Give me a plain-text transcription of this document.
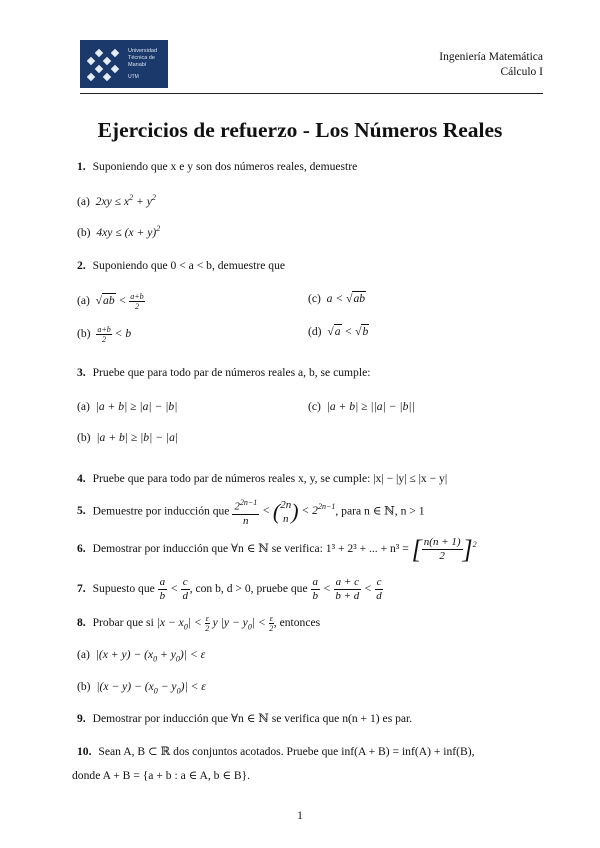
Universidad
Técnica de
Manabí
UTM
Ingeniería Matemática
Cálculo I
Ejercicios de refuerzo - Los Números Reales
1. Suponiendo que x e y son dos números reales, demuestre
(a)  $2xy \le x^2 + y^2$
(b)  $4xy \le (x + y)^2$
2. Suponiendo que 0 < a < b, demuestre que
(a)  $√ab < \frac{a+b}{2}$	(c)  a < √ab
$(b) \frac{a+b}{2} < b$	(d)  √a < √b
3. Pruebe que para todo par de números reales a, b, se cumple:
(a)  |a + b| ≥ |a| − |b|	(c)  |a + b| ≥ ||a| − |b||
(b)  |a + b| ≥ |b| − |a|
4. Pruebe que para todo par de números reales x, y, se cumple: |x| − |y| ≤ |x − y|
5. Demuestre por inducción que $\frac{2^{2n-1}}{n} < (2n$
n ) < $2^{2n-1}$, para n ∈ ℕ, n > 1
6. Demostrar por inducción que ∀n ∈ ℕ se verifica: 1³ + 2³ + ... + n³ = [ $\frac{n(n + 1)}{2} ]^2$
7. Supuesto que $\frac{a}{b} < \frac{c}{d}$ , con b, d > 0, pruebe que $\frac{a}{b} < \frac{a + c}{b + d} < \frac{c}{d}$
8. Probar que si $|x - x_0| < \frac{\varepsilon}{2}$ y $|y - y_0| < \frac{\varepsilon}{2}$ , entonces
(a)  $|(x + y) - (x_0 + y_0)| < \varepsilon$
(b)  $|(x - y) - (x_0 - y_0)| < \varepsilon$
9. Demostrar por inducción que ∀n ∈ ℕ se verifica que n(n + 1) es par.
10. Sean A, B ⊂ ℝ dos conjuntos acotados. Pruebe que inf(A + B) = inf(A) + inf(B),
donde A + B = {a + b : a ∈ A, b ∈ B}.
1
